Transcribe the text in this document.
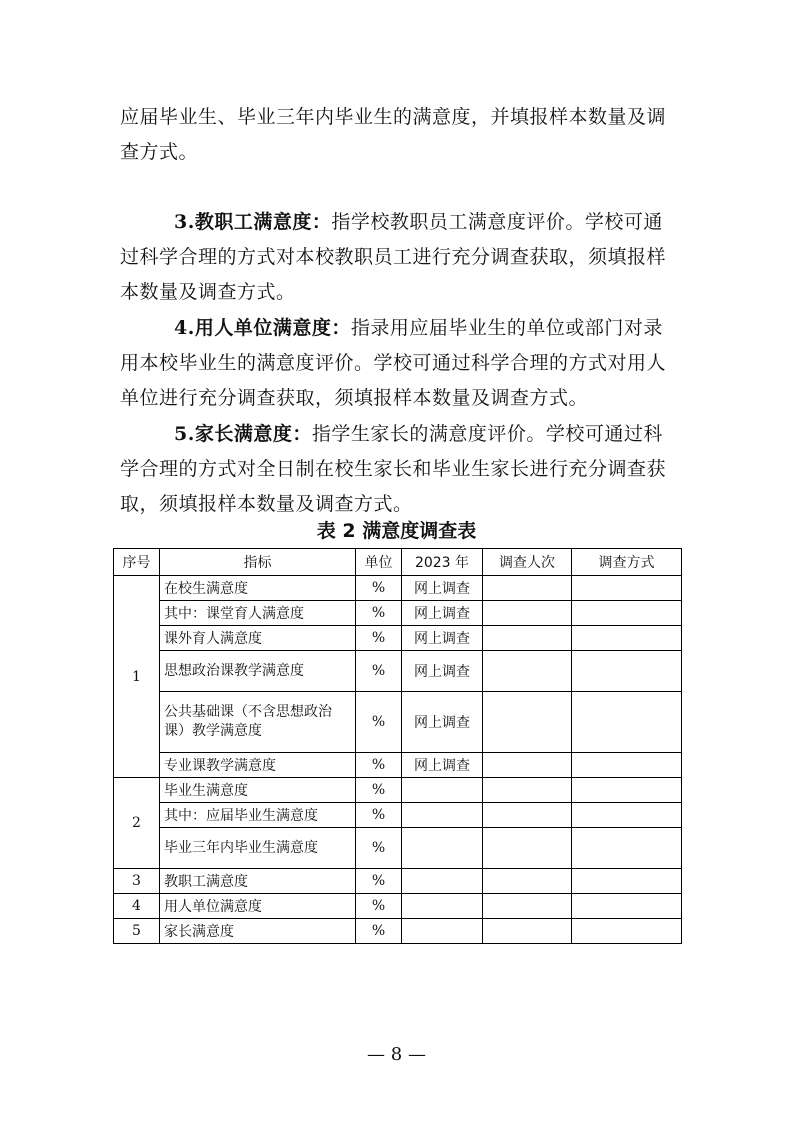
应届毕业生、毕业三年内毕业生的满意度，并填报样本数量及调查方式。
3.教职工满意度：指学校教职员工满意度评价。学校可通过科学合理的方式对本校教职员工进行充分调查获取，须填报样本数量及调查方式。
4.用人单位满意度：指录用应届毕业生的单位或部门对录用本校毕业生的满意度评价。学校可通过科学合理的方式对用人单位进行充分调查获取，须填报样本数量及调查方式。
5.家长满意度：指学生家长的满意度评价。学校可通过科学合理的方式对全日制在校生家长和毕业生家长进行充分调查获取，须填报样本数量及调查方式。
表 2 满意度调查表
序号	指标	单位	2023 年	调查人次	调查方式
1	在校生满意度	%	网上调查		
	其中：课堂育人满意度	%	网上调查		
	课外育人满意度	%	网上调查		
	思想政治课教学满意度	%	网上调查		
	公共基础课（不含思想政治课）教学满意度	%	网上调查		
	专业课教学满意度	%	网上调查		
2	毕业生满意度	%			
	其中：应届毕业生满意度	%			
	毕业三年内毕业生满意度	%			
3	教职工满意度	%			
4	用人单位满意度	%			
5	家长满意度	%			
— 8 —
